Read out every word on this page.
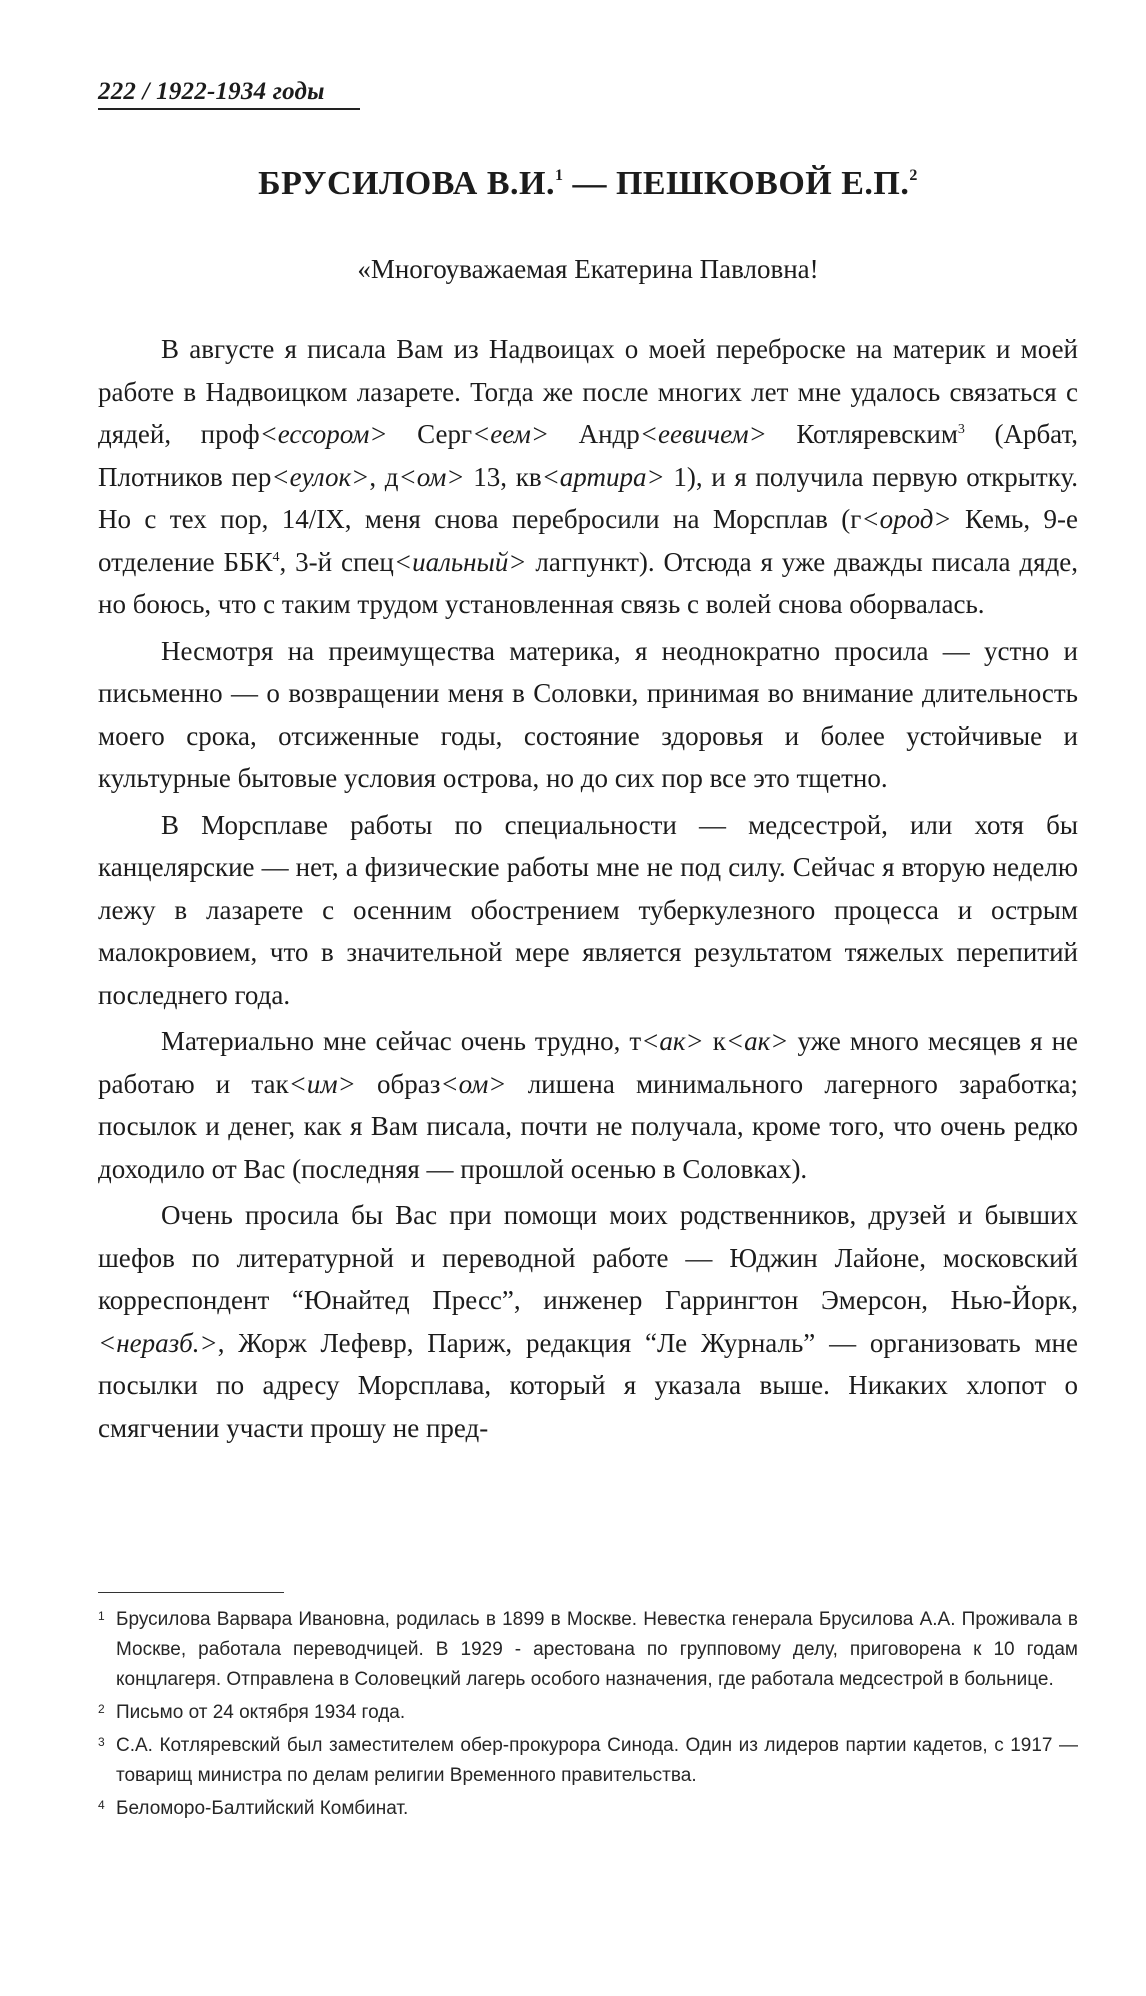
222 / 1922-1934 годы
БРУСИЛОВА В.И.$^1$ — ПЕШКОВОЙ Е.П.$^2$
«Многоуважаемая Екатерина Павловна!

В августе я писала Вам из Надвоицах о моей переброске на материк и моей работе в Надвоицком лазарете. Тогда же после многих лет мне удалось связаться с дядей, проф<ессором> Серг<еем> Андр<еевичем> Котляревским$^3$ (Арбат, Плотников пер<еулок>, д<ом> 13, кв<артира> 1), и я получила первую открытку. Но с тех пор, 14/IX, меня снова перебросили на Морсплав (г<ород> Кемь, 9-е отделение ББК$^4$, 3-й спец<иальный> лагпункт). Отсюда я уже дважды писала дяде, но боюсь, что с таким трудом установленная связь с волей снова оборвалась.

Несмотря на преимущества материка, я неоднократно просила — устно и письменно — о возвращении меня в Соловки, принимая во внимание длительность моего срока, отсиженные годы, состояние здоровья и более устойчивые и культурные бытовые условия острова, но до сих пор все это тщетно.

В Морсплаве работы по специальности — медсестрой, или хотя бы канцелярские — нет, а физические работы мне не под силу. Сейчас я вторую неделю лежу в лазарете с осенним обострением туберкулезного процесса и острым малокровием, что в значительной мере является результатом тяжелых перепитий последнего года.

Материально мне сейчас очень трудно, т<ак> к<ак> уже много месяцев я не работаю и так<им> образ<ом> лишена минимального лагерного заработка; посылок и денег, как я Вам писала, почти не получала, кроме того, что очень редко доходило от Вас (последняя — прошлой осенью в Соловках).

Очень просила бы Вас при помощи моих родственников, друзей и бывших шефов по литературной и переводной работе — Юджин Лайоне, московский корреспондент “Юнайтед Пресс”, инженер Гаррингтон Эмерсон, Нью-Йорк, <неразб.>, Жорж Лефевр, Париж, редакция “Ле Журналь” — организовать мне посылки по адресу Морсплава, который я указала выше. Никаких хлопот о смягчении участи прошу не пред-

1 Брусилова Варвара Ивановна, родилась в 1899 в Москве. Невестка генерала Брусилова А.А. Проживала в Москве, работала переводчицей. В 1929 - арестована по групповому делу, приговорена к 10 годам концлагеря. Отправлена в Соловецкий лагерь особого назначения, где работала медсестрой в больнице.
2 Письмо от 24 октября 1934 года.
3 С.А. Котляревский был заместителем обер-прокурора Синода. Один из лидеров партии кадетов, с 1917 — товарищ министра по делам религии Временного правительства.
4 Беломоро-Балтийский Комбинат.
